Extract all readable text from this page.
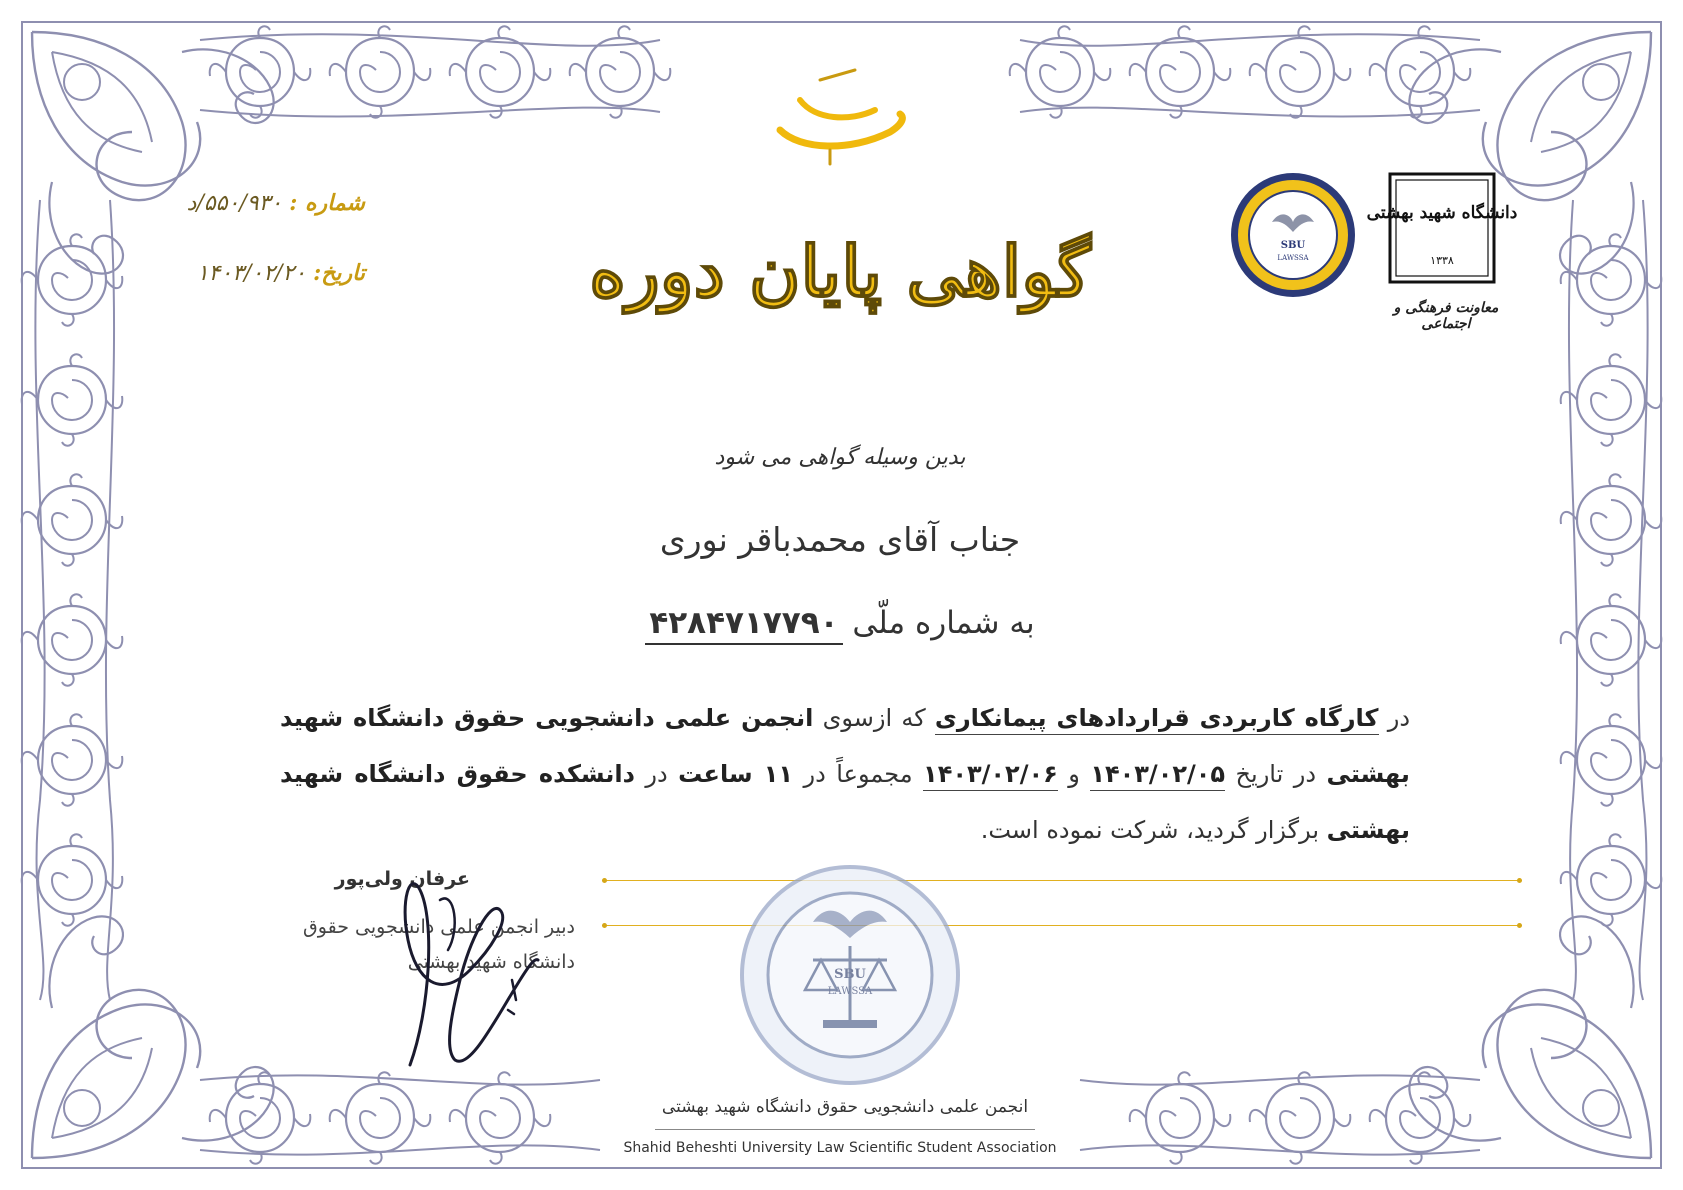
باسمه تعالی
شماره : ۵۵۰/۹۳۰/د
تاریخ: ۱۴۰۳/۰۲/۲۰	گواهی پایان دوره	SBU
LAWSSA
دانشگاه شهید بهشتی
۱۳۳۸
معاونت فرهنگی و اجتماعی
بدین وسیله گواهی می شود
جناب آقای محمدباقر نوری
به شماره ملّی ۴۲۸۴۷۱۷۷۹۰
در کارگاه کاربردی قراردادهای پیمانکاری که ازسوی انجمن علمی دانشجویی حقوق دانشگاه شهید بهشتی در تاریخ ۱۴۰۳/۰۲/۰۵ و ۱۴۰۳/۰۲/۰۶ مجموعاً در ۱۱ ساعت در دانشکده حقوق دانشگاه شهید بهشتی برگزار گردید، شرکت نموده است.
عرفان ولی‌پور
دبیر انجمن علمی دانشجویی حقوق
دانشگاه شهید بهشتی
SBU
LAWSSA
انجمن علمی دانشجویی حقوق دانشگاه شهید بهشتی
Shahid Beheshti University Law Scientific Student Association
